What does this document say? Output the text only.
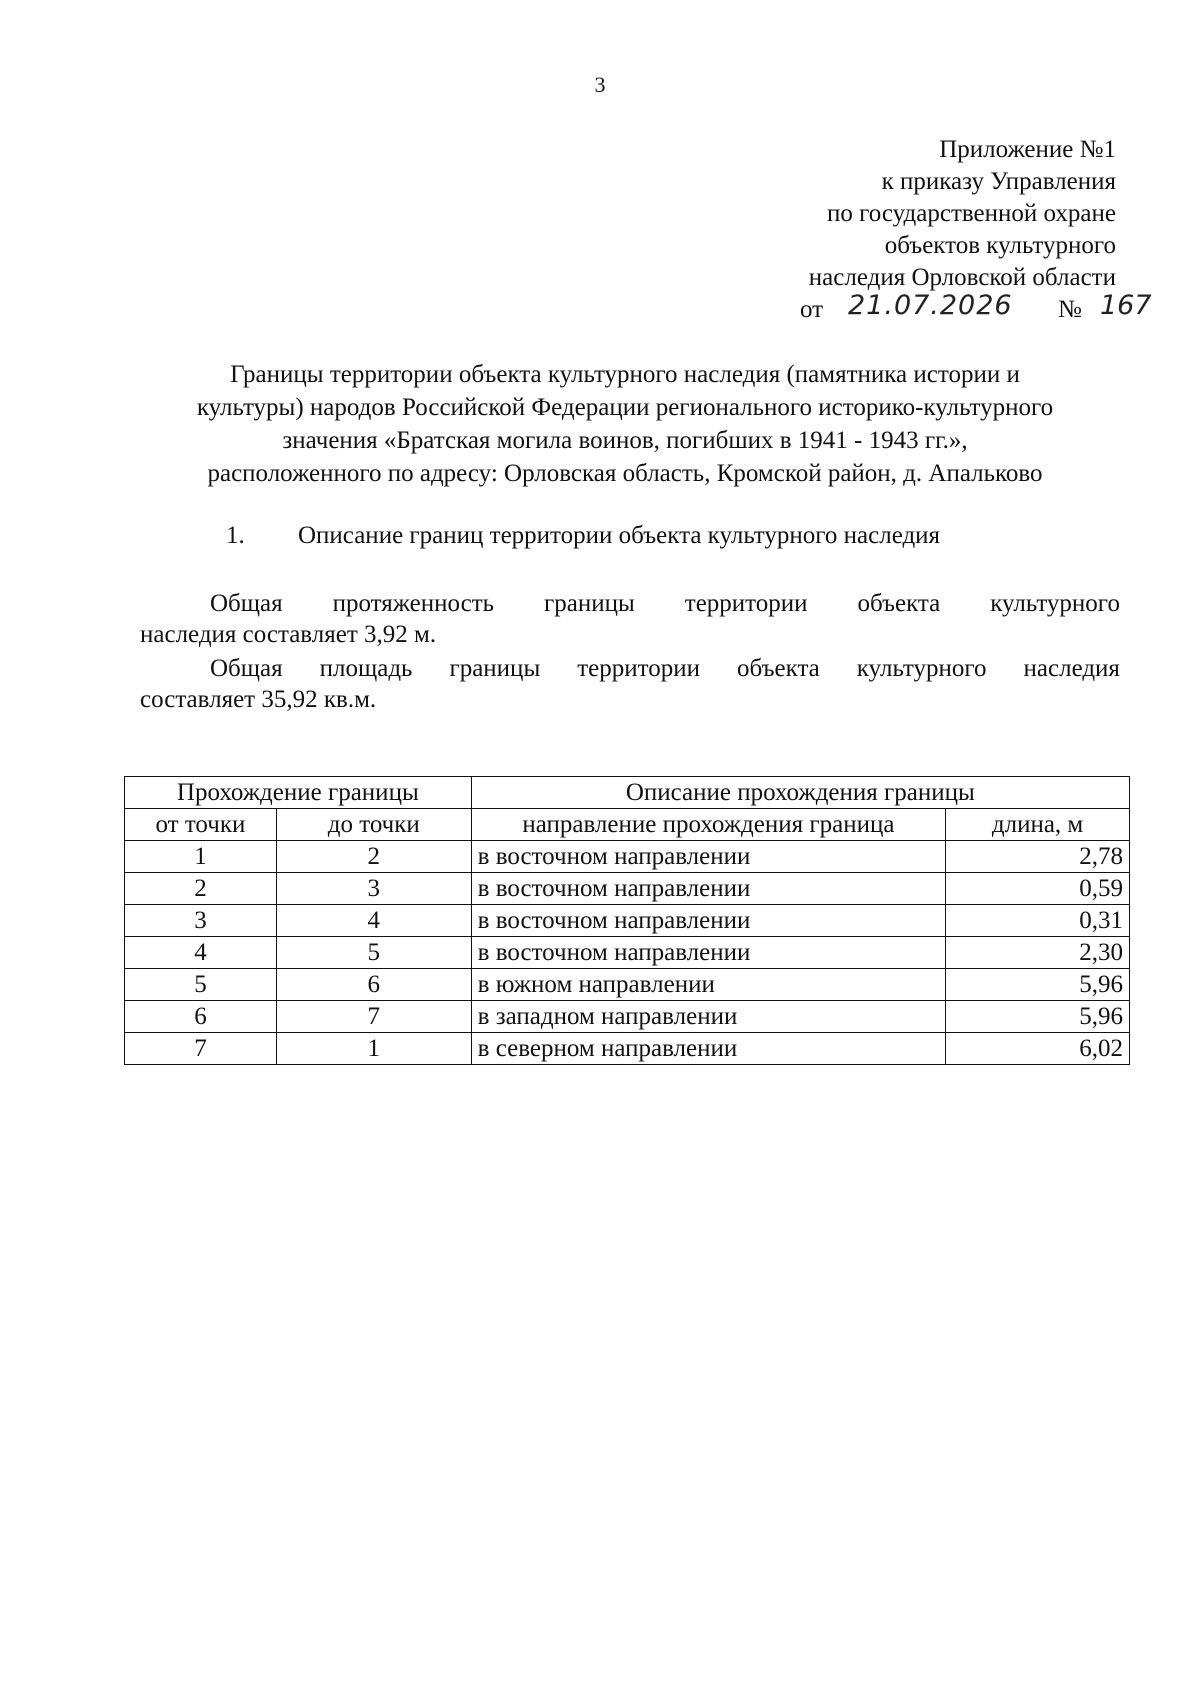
3
Приложение №1
к приказу Управления
по государственной охране
объектов культурного
наследия Орловской области
от 21.07.2026 № 167
Границы территории объекта культурного наследия (памятника истории и
культуры) народов Российской Федерации регионального историко-культурного
значения «Братская могила воинов, погибших в 1941 - 1943 гг.»,
расположенного по адресу: Орловская область, Кромской район, д. Апальково
1. Описание границ территории объекта культурного наследия
Общая протяженность границы территории объекта культурного
наследия составляет 3,92 м.
Общая площадь границы территории объекта культурного наследия
составляет 35,92 кв.м.
Прохождение границы		Описание прохождения границы	
от точки	до точки	направление прохождения граница	длина, м
1	2	в восточном направлении	2,78
2	3	в восточном направлении	0,59
3	4	в восточном направлении	0,31
4	5	в восточном направлении	2,30
5	6	в южном направлении	5,96
6	7	в западном направлении	5,96
7	1	в северном направлении	6,02
